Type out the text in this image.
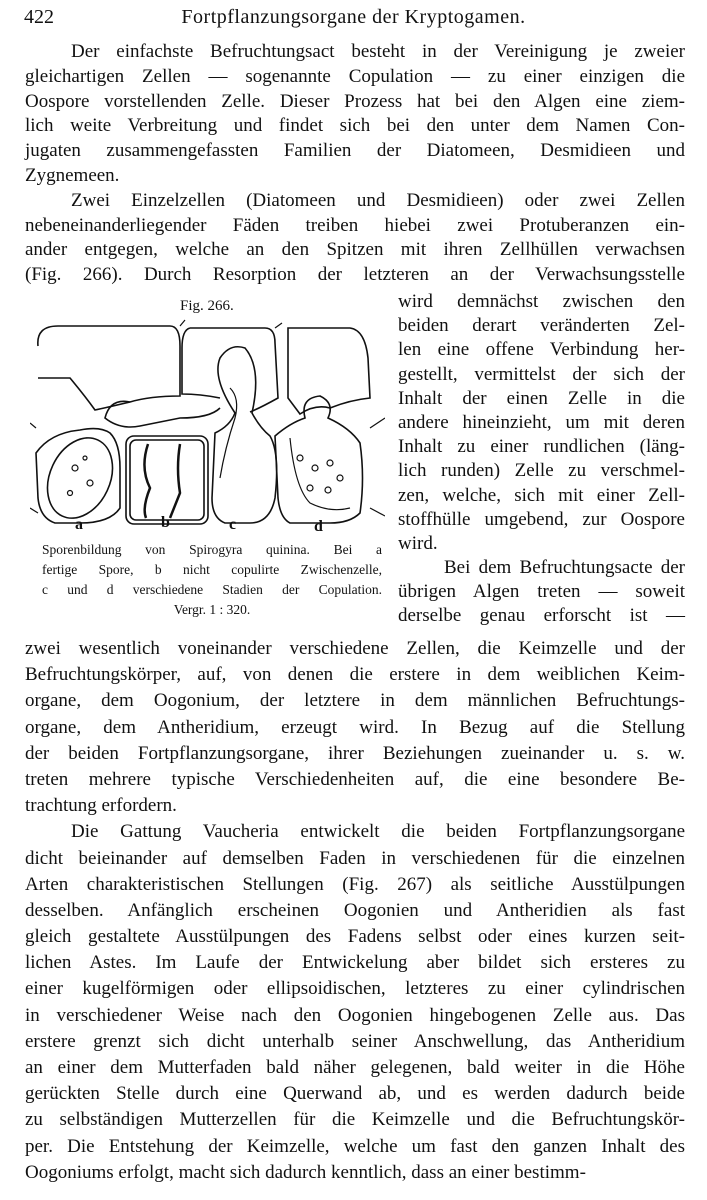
422	Fortpflanzungsorgane der Kryptogamen.
Der einfachste Befruchtungsact besteht in der Vereinigung je zweier
gleichartigen Zellen — sogenannte Copulation — zu einer einzigen die
Oospore vorstellenden Zelle. Dieser Prozess hat bei den Algen eine ziem-
lich weite Verbreitung und findet sich bei den unter dem Namen Con-
jugaten zusammengefassten Familien der Diatomeen, Desmidieen und
Zygnemeen.
Zwei Einzelzellen (Diatomeen und Desmidieen) oder zwei Zellen
nebeneinanderliegender Fäden treiben hiebei zwei Protuberanzen ein-
ander entgegen, welche an den Spitzen mit ihren Zellhüllen verwachsen
(Fig. 266). Durch Resorption der letzteren an der Verwachsungsstelle
Fig. 266.
a	b	c	d
Sporenbildung von Spirogyra quinina. Bei a
fertige Spore, b nicht copulirte Zwischenzelle,
c und d verschiedene Stadien der Copulation.
Vergr. 1 : 320.
wird demnächst zwischen den
beiden derart veränderten Zel-
len eine offene Verbindung her-
gestellt, vermittelst der sich der
Inhalt der einen Zelle in die
andere hineinzieht, um mit deren
Inhalt zu einer rundlichen (läng-
lich runden) Zelle zu verschmel-
zen, welche, sich mit einer Zell-
stoffhülle umgebend, zur Oospore
wird.
Bei dem Befruchtungsacte der
übrigen Algen treten — soweit
derselbe genau erforscht ist —
zwei wesentlich voneinander verschiedene Zellen, die Keimzelle und der
Befruchtungskörper, auf, von denen die erstere in dem weiblichen Keim-
organe, dem Oogonium, der letztere in dem männlichen Befruchtungs-
organe, dem Antheridium, erzeugt wird. In Bezug auf die Stellung
der beiden Fortpflanzungsorgane, ihrer Beziehungen zueinander u. s. w.
treten mehrere typische Verschiedenheiten auf, die eine besondere Be-
trachtung erfordern.
Die Gattung Vaucheria entwickelt die beiden Fortpflanzungsorgane
dicht beieinander auf demselben Faden in verschiedenen für die einzelnen
Arten charakteristischen Stellungen (Fig. 267) als seitliche Ausstülpungen
desselben. Anfänglich erscheinen Oogonien und Antheridien als fast
gleich gestaltete Ausstülpungen des Fadens selbst oder eines kurzen seit-
lichen Astes. Im Laufe der Entwickelung aber bildet sich ersteres zu
einer kugelförmigen oder ellipsoidischen, letzteres zu einer cylindrischen
in verschiedener Weise nach den Oogonien hingebogenen Zelle aus. Das
erstere grenzt sich dicht unterhalb seiner Anschwellung, das Antheridium
an einer dem Mutterfaden bald näher gelegenen, bald weiter in die Höhe
gerückten Stelle durch eine Querwand ab, und es werden dadurch beide
zu selbständigen Mutterzellen für die Keimzelle und die Befruchtungskör-
per. Die Entstehung der Keimzelle, welche um fast den ganzen Inhalt des
Oogoniums erfolgt, macht sich dadurch kenntlich, dass an einer bestimm-
